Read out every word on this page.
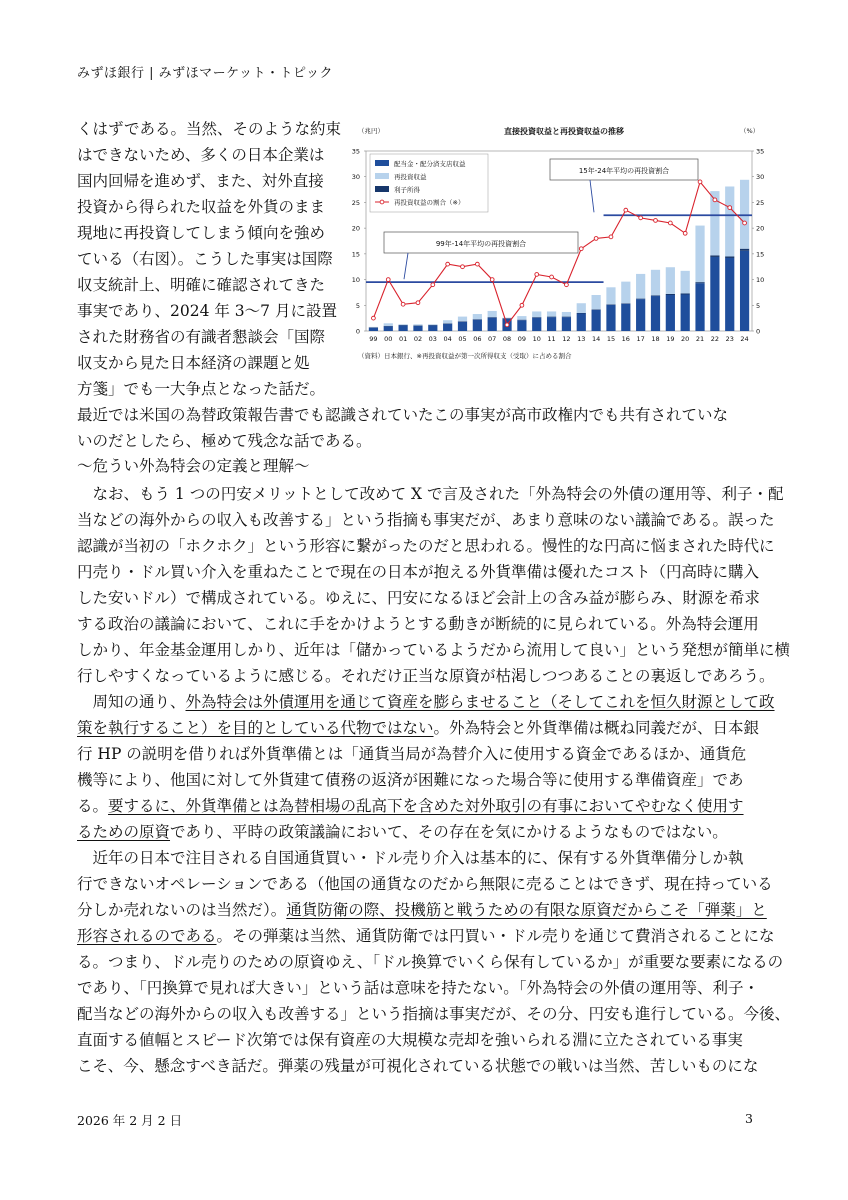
みずほ銀行 | みずほマーケット・トピック
くはずである。当然、そのような約束
はできないため、多くの日本企業は
国内回帰を進めず、また、対外直接
投資から得られた収益を外貨のまま
現地に再投資してしまう傾向を強め
ている（右図）。こうした事実は国際
収支統計上、明確に確認されてきた
事実であり、2024 年 3〜7 月に設置
された財務省の有識者懇談会「国際
収支から見た日本経済の課題と処
方箋」でも一大争点となった話だ。
（兆円）	（%）
直接投資収益と再投資収益の推移
0	0
5	5
10	10
15	15
20	20
25	25
30	30
35	35
99 00 01 02 03 04 05 06 07 08 09 10 11 12 13 14 15 16 17 18 19 20 21 22 23 24
99年-14年平均の再投資割合
15年-24年平均の再投資割合
配当金・配分済支店収益
再投資収益
利子所得
再投資収益の割合（※）
（資料）日本銀行、※再投資収益が第一次所得収支（受取）に占める割合
最近では米国の為替政策報告書でも認識されていたこの事実が高市政権内でも共有されていな
いのだとしたら、極めて残念な話である。
〜危うい外為特会の定義と理解〜
　なお、もう 1 つの円安メリットとして改めて X で言及された「外為特会の外債の運用等、利子・配
当などの海外からの収入も改善する」という指摘も事実だが、あまり意味のない議論である。誤った
認識が当初の「ホクホク」という形容に繋がったのだと思われる。慢性的な円高に悩まされた時代に
円売り・ドル買い介入を重ねたことで現在の日本が抱える外貨準備は優れたコスト（円高時に購入
した安いドル）で構成されている。ゆえに、円安になるほど会計上の含み益が膨らみ、財源を希求
する政治の議論において、これに手をかけようとする動きが断続的に見られている。外為特会運用
しかり、年金基金運用しかり、近年は「儲かっているようだから流用して良い」という発想が簡単に横
行しやすくなっているように感じる。それだけ正当な原資が枯渇しつつあることの裏返しであろう。
　周知の通り、外為特会は外債運用を通じて資産を膨らませること（そしてこれを恒久財源として政
策を執行すること）を目的としている代物ではない。外為特会と外貨準備は概ね同義だが、日本銀
行 HP の説明を借りれば外貨準備とは「通貨当局が為替介入に使用する資金であるほか、通貨危
機等により、他国に対して外貨建て債務の返済が困難になった場合等に使用する準備資産」であ
る。要するに、外貨準備とは為替相場の乱高下を含めた対外取引の有事においてやむなく使用す
るための原資であり、平時の政策議論において、その存在を気にかけるようなものではない。
　近年の日本で注目される自国通貨買い・ドル売り介入は基本的に、保有する外貨準備分しか執
行できないオペレーションである（他国の通貨なのだから無限に売ることはできず、現在持っている
分しか売れないのは当然だ）。通貨防衛の際、投機筋と戦うための有限な原資だからこそ「弾薬」と
形容されるのである。その弾薬は当然、通貨防衛では円買い・ドル売りを通じて費消されることにな
る。つまり、ドル売りのための原資ゆえ、「ドル換算でいくら保有しているか」が重要な要素になるの
であり、「円換算で見れば大きい」という話は意味を持たない。「外為特会の外債の運用等、利子・
配当などの海外からの収入も改善する」という指摘は事実だが、その分、円安も進行している。今後、
直面する値幅とスピード次第では保有資産の大規模な売却を強いられる淵に立たされている事実
こそ、今、懸念すべき話だ。弾薬の残量が可視化されている状態での戦いは当然、苦しいものにな
2026 年 2 月 2 日	3
